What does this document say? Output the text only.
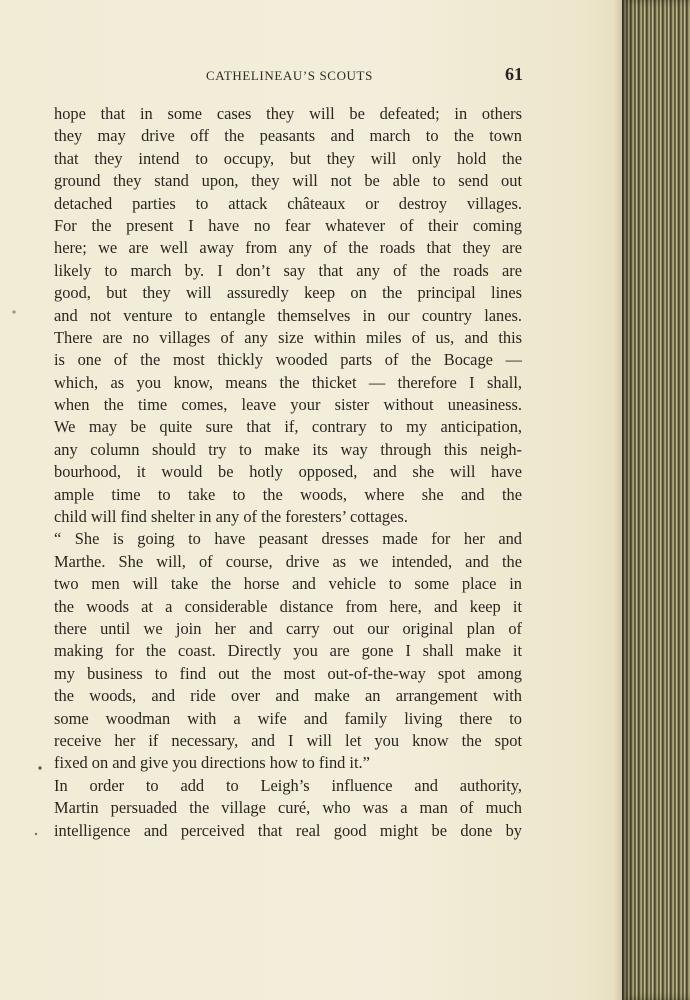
CATHELINEAU’S SCOUTS	61
hope that in some cases they will be defeated; in others
they may drive off the peasants and march to the town
that they intend to occupy, but they will only hold the
ground they stand upon, they will not be able to send out
detached parties to attack châteaux or destroy villages.
For the present I have no fear whatever of their coming
here; we are well away from any of the roads that they are
likely to march by. I don’t say that any of the roads are
good, but they will assuredly keep on the principal lines
and not venture to entangle themselves in our country lanes.
There are no villages of any size within miles of us, and this
is one of the most thickly wooded parts of the Bocage —
which, as you know, means the thicket — therefore I shall,
when the time comes, leave your sister without uneasiness.
We may be quite sure that if, contrary to my anticipation,
any column should try to make its way through this neigh-
bourhood, it would be hotly opposed, and she will have
ample time to take to the woods, where she and the
child will find shelter in any of the foresters’ cottages.
“ She is going to have peasant dresses made for her and
Marthe. She will, of course, drive as we intended, and the
two men will take the horse and vehicle to some place in
the woods at a considerable distance from here, and keep it
there until we join her and carry out our original plan of
making for the coast. Directly you are gone I shall make it
my business to find out the most out-of-the-way spot among
the woods, and ride over and make an arrangement with
some woodman with a wife and family living there to
receive her if necessary, and I will let you know the spot
fixed on and give you directions how to find it.”
In order to add to Leigh’s influence and authority,
Martin persuaded the village curé, who was a man of much
intelligence and perceived that real good might be done by
